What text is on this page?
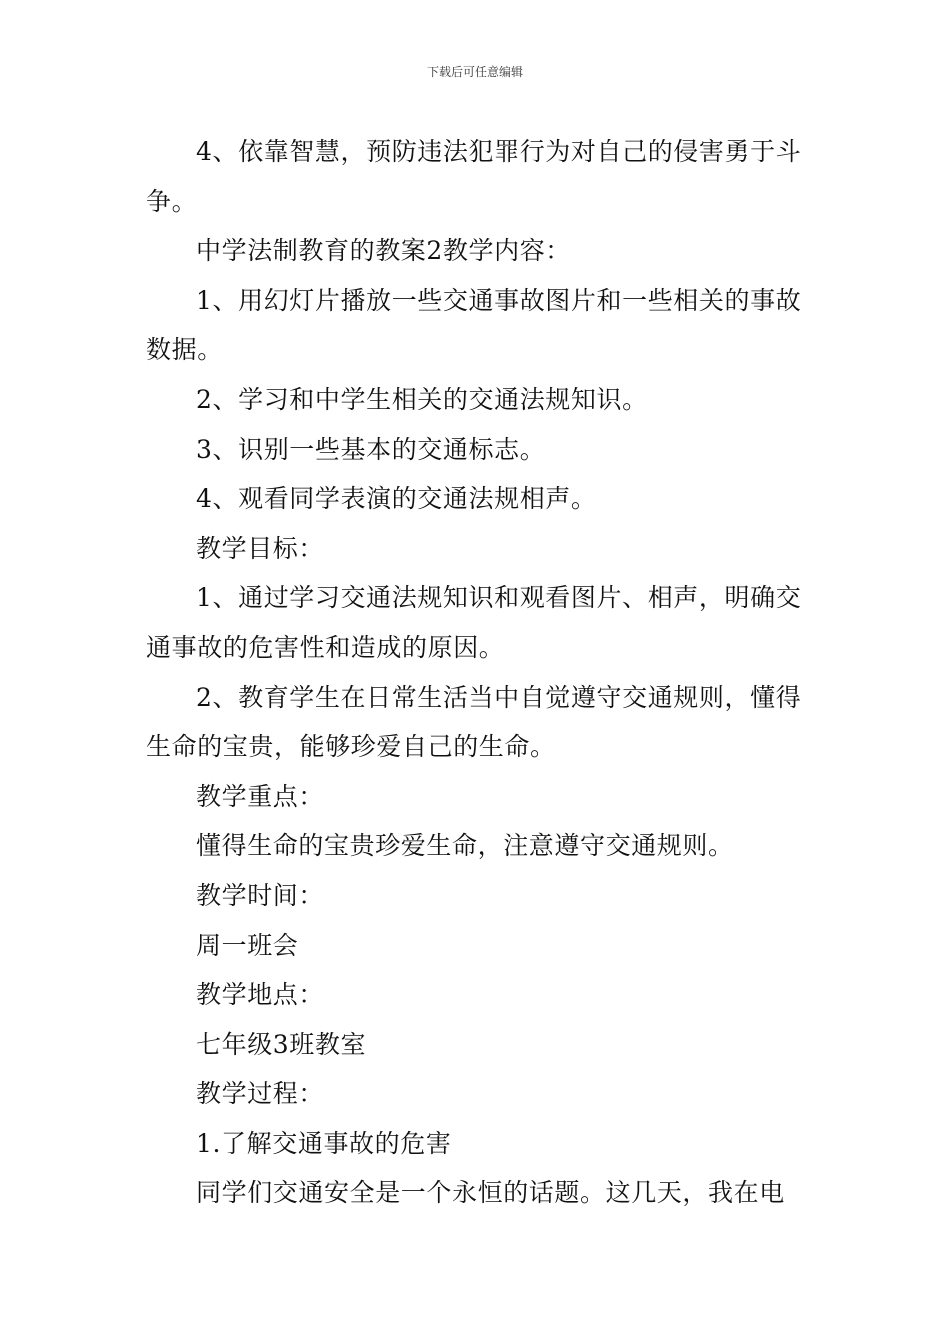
下载后可任意编辑

4、依靠智慧，预防违法犯罪行为对自己的侵害勇于斗争。

中学法制教育的教案2教学内容：

1、用幻灯片播放一些交通事故图片和一些相关的事故数据。

2、学习和中学生相关的交通法规知识。

3、识别一些基本的交通标志。

4、观看同学表演的交通法规相声。

教学目标：

1、通过学习交通法规知识和观看图片、相声，明确交通事故的危害性和造成的原因。

2、教育学生在日常生活当中自觉遵守交通规则，懂得生命的宝贵，能够珍爱自己的生命。

教学重点：

懂得生命的宝贵珍爱生命，注意遵守交通规则。

教学时间：

周一班会

教学地点：

七年级3班教室

教学过程：

1.了解交通事故的危害

同学们交通安全是一个永恒的话题。这几天，我在电
